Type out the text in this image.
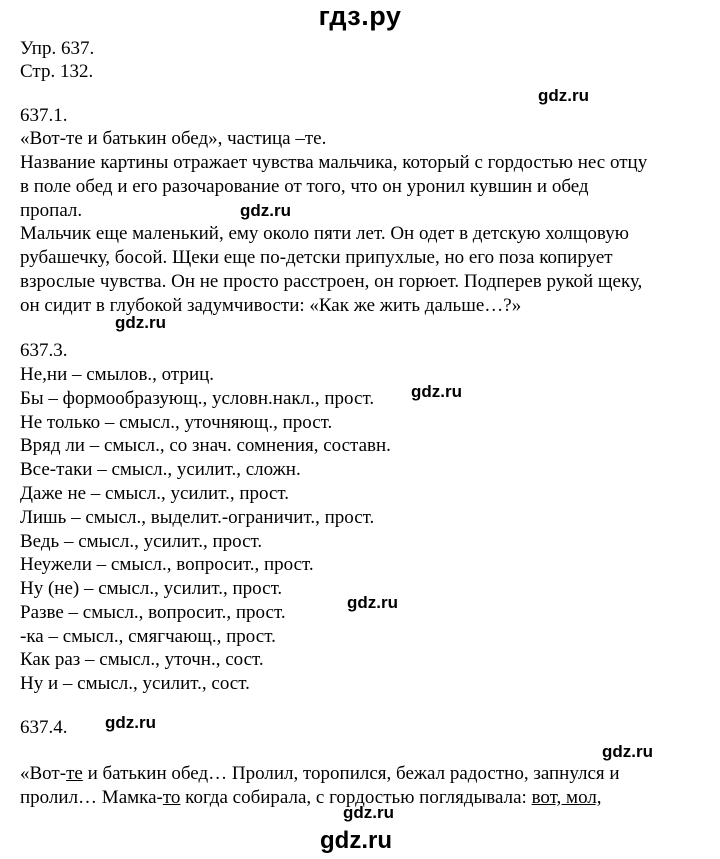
гдз.ру
Упр. 637.
Стр. 132.
gdz.ru
gdz.ru
gdz.ru
gdz.ru
gdz.ru
gdz.ru
gdz.ru
gdz.ru
gdz.ru
637.1.
«Вот-те и батькин обед», частица –те.
Название картины отражает чувства мальчика, который с гордостью нес отцу
в поле обед и его разочарование от того, что он уронил кувшин и обед
пропал.
Мальчик еще маленький, ему около пяти лет. Он одет в детскую холщовую
рубашечку, босой. Щеки еще по-детски припухлые, но его поза копирует
взрослые чувства. Он не просто расстроен, он горюет. Подперев рукой щеку,
он сидит в глубокой задумчивости: «Как же жить дальше…?»
637.3.
Не,ни – смылов., отриц.
Бы – формообразующ., условн.накл., прост.
Не только – смысл., уточняющ., прост.
Вряд ли – смысл., со знач. сомнения, составн.
Все-таки – смысл., усилит., сложн.
Даже не – смысл., усилит., прост.
Лишь – смысл., выделит.-ограничит., прост.
Ведь – смысл., усилит., прост.
Неужели – смысл., вопросит., прост.
Ну (не) – смысл., усилит., прост.
Разве – смысл., вопросит., прост.
-ка – смысл., смягчающ., прост.
Как раз – смысл., уточн., сост.
Ну и – смысл., усилит., сост.
637.4.
«Вот-те и батькин обед… Пролил, торопился, бежал радостно, запнулся и
пролил… Мамка-то когда собирала, с гордостью поглядывала: вот, мол,
